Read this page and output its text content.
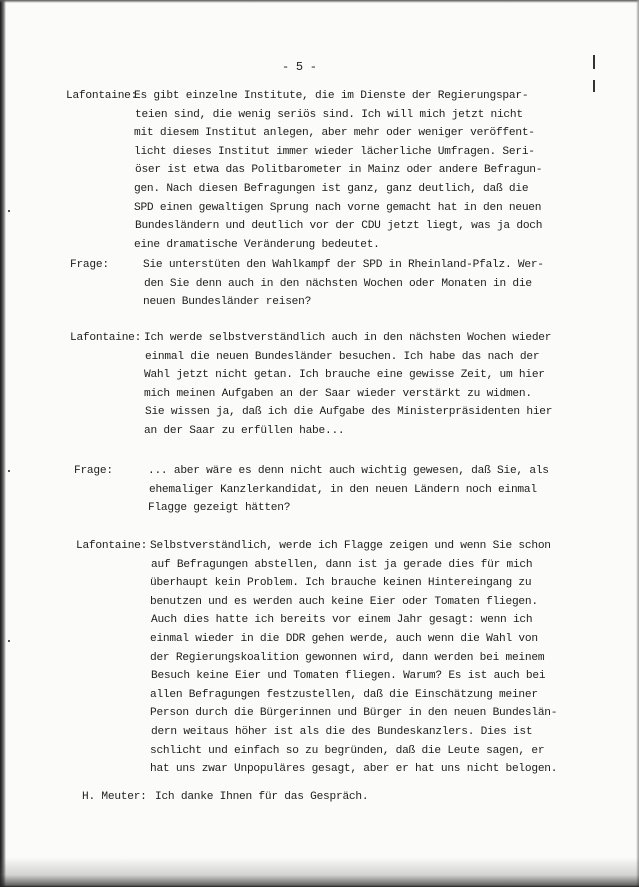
- 5 -
Lafontaine:
Es gibt einzelne Institute, die im Dienste der Regierungspar-
teien sind, die wenig seriös sind. Ich will mich jetzt nicht
mit diesem Institut anlegen, aber mehr oder weniger veröffent-
licht dieses Institut immer wieder lächerliche Umfragen. Seri-
öser ist etwa das Politbarometer in Mainz oder andere Befragun-
gen. Nach diesen Befragungen ist ganz, ganz deutlich, daß die
SPD einen gewaltigen Sprung nach vorne gemacht hat in den neuen
Bundesländern und deutlich vor der CDU jetzt liegt, was ja doch
eine dramatische Veränderung bedeutet.
Frage:	Sie unterstüten den Wahlkampf der SPD in Rheinland-Pfalz. Wer-
den Sie denn auch in den nächsten Wochen oder Monaten in die
neuen Bundesländer reisen?
Lafontaine: Ich werde selbstverständlich auch in den nächsten Wochen wieder
einmal die neuen Bundesländer besuchen. Ich habe das nach der
Wahl jetzt nicht getan. Ich brauche eine gewisse Zeit, um hier
mich meinen Aufgaben an der Saar wieder verstärkt zu widmen.
Sie wissen ja, daß ich die Aufgabe des Ministerpräsidenten hier
an der Saar zu erfüllen habe...
Frage:	... aber wäre es denn nicht auch wichtig gewesen, daß Sie, als
ehemaliger Kanzlerkandidat, in den neuen Ländern noch einmal
Flagge gezeigt hätten?
Lafontaine: Selbstverständlich, werde ich Flagge zeigen und wenn Sie schon
auf Befragungen abstellen, dann ist ja gerade dies für mich
überhaupt kein Problem. Ich brauche keinen Hintereingang zu
benutzen und es werden auch keine Eier oder Tomaten fliegen.
Auch dies hatte ich bereits vor einem Jahr gesagt: wenn ich
einmal wieder in die DDR gehen werde, auch wenn die Wahl von
der Regierungskoalition gewonnen wird, dann werden bei meinem
Besuch keine Eier und Tomaten fliegen. Warum? Es ist auch bei
allen Befragungen festzustellen, daß die Einschätzung meiner
Person durch die Bürgerinnen und Bürger in den neuen Bundeslän-
dern weitaus höher ist als die des Bundeskanzlers. Dies ist
schlicht und einfach so zu begründen, daß die Leute sagen, er
hat uns zwar Unpopuläres gesagt, aber er hat uns nicht belogen.
H. Meuter: Ich danke Ihnen für das Gespräch.
